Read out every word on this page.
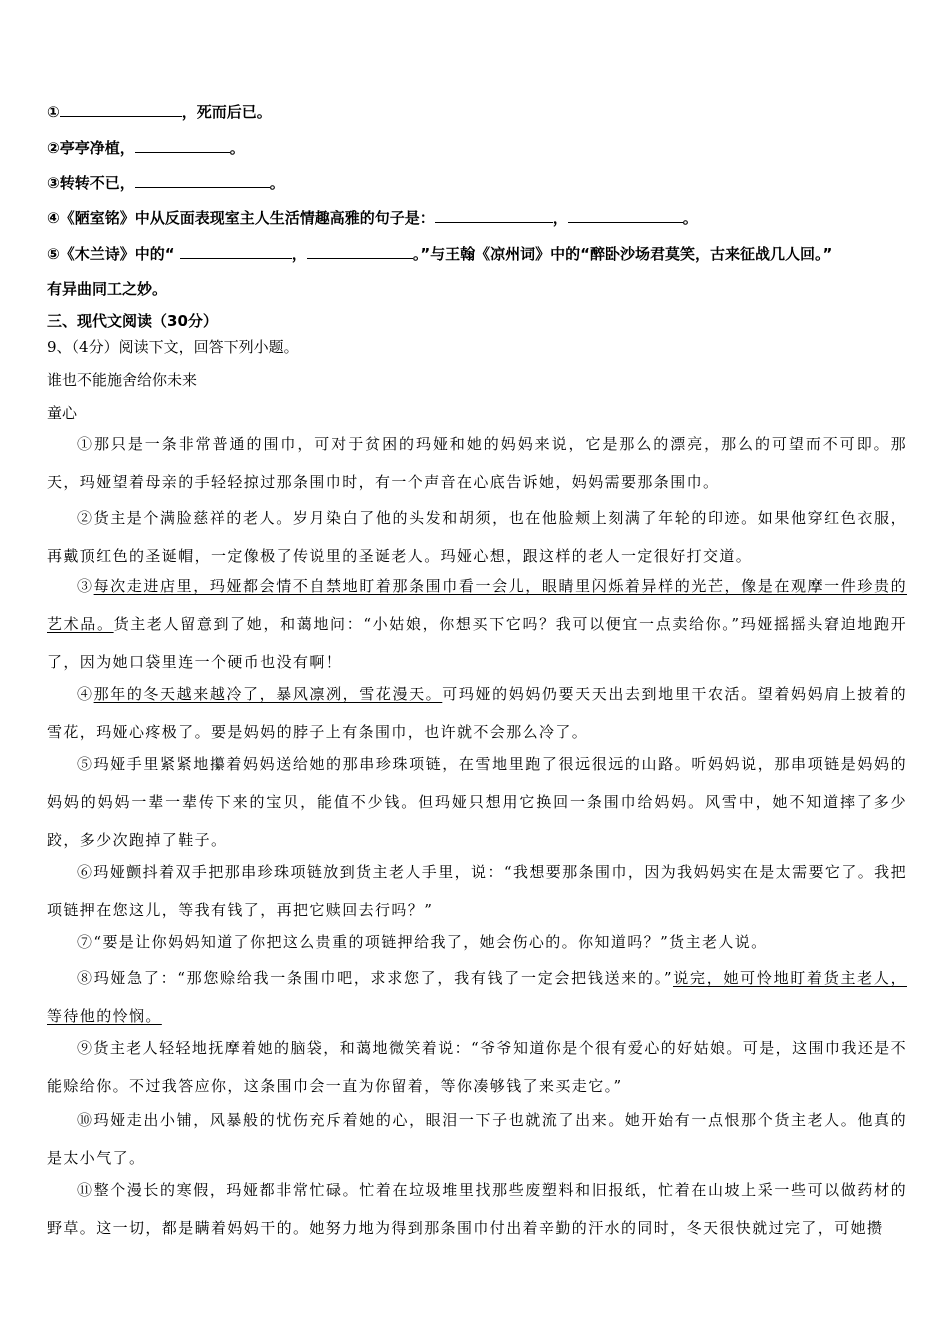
①	，死而后已。
②亭亭净植，	。
③转转不已，	。
④《陋室铭》中从反面表现室主人生活情趣高雅的句子是：	，	。
⑤《木兰诗》中的“	，	。”与王翰《凉州词》中的“醉卧沙场君莫笑，古来征战几人回。”
有异曲同工之妙。
三、现代文阅读（30分）
9、（4分）阅读下文，回答下列小题。
谁也不能施舍给你未来
童心
①那只是一条非常普通的围巾，可对于贫困的玛娅和她的妈妈来说，它是那么的漂亮，那么的可望而不可即。那天，玛娅望着母亲的手轻轻掠过那条围巾时，有一个声音在心底告诉她，妈妈需要那条围巾。
②货主是个满脸慈祥的老人。岁月染白了他的头发和胡须，也在他脸颊上刻满了年轮的印迹。如果他穿红色衣服，再戴顶红色的圣诞帽，一定像极了传说里的圣诞老人。玛娅心想，跟这样的老人一定很好打交道。
③每次走进店里，玛娅都会情不自禁地盯着那条围巾看一会儿，眼睛里闪烁着异样的光芒，像是在观摩一件珍贵的艺术品。货主老人留意到了她，和蔼地问：“小姑娘，你想买下它吗？我可以便宜一点卖给你。”玛娅摇摇头窘迫地跑开了，因为她口袋里连一个硬币也没有啊！
④那年的冬天越来越冷了，暴风凛冽，雪花漫天。可玛娅的妈妈仍要天天出去到地里干农活。望着妈妈肩上披着的雪花，玛娅心疼极了。要是妈妈的脖子上有条围巾，也许就不会那么冷了。
⑤玛娅手里紧紧地攥着妈妈送给她的那串珍珠项链，在雪地里跑了很远很远的山路。听妈妈说，那串项链是妈妈的妈妈的妈妈一辈一辈传下来的宝贝，能值不少钱。但玛娅只想用它换回一条围巾给妈妈。风雪中，她不知道摔了多少跤，多少次跑掉了鞋子。
⑥玛娅颤抖着双手把那串珍珠项链放到货主老人手里，说：“我想要那条围巾，因为我妈妈实在是太需要它了。我把项链押在您这儿，等我有钱了，再把它赎回去行吗？”
⑦“要是让你妈妈知道了你把这么贵重的项链押给我了，她会伤心的。你知道吗？”货主老人说。
⑧玛娅急了：“那您赊给我一条围巾吧，求求您了，我有钱了一定会把钱送来的。”说完，她可怜地盯着货主老人，等待他的怜悯。
⑨货主老人轻轻地抚摩着她的脑袋，和蔼地微笑着说：“爷爷知道你是个很有爱心的好姑娘。可是，这围巾我还是不能赊给你。不过我答应你，这条围巾会一直为你留着，等你凑够钱了来买走它。”
⑩玛娅走出小铺，风暴般的忧伤充斥着她的心，眼泪一下子也就流了出来。她开始有一点恨那个货主老人。他真的是太小气了。
⑪整个漫长的寒假，玛娅都非常忙碌。忙着在垃圾堆里找那些废塑料和旧报纸，忙着在山坡上采一些可以做药材的野草。这一切，都是瞒着妈妈干的。她努力地为得到那条围巾付出着辛勤的汗水的同时，冬天很快就过完了，可她攒
